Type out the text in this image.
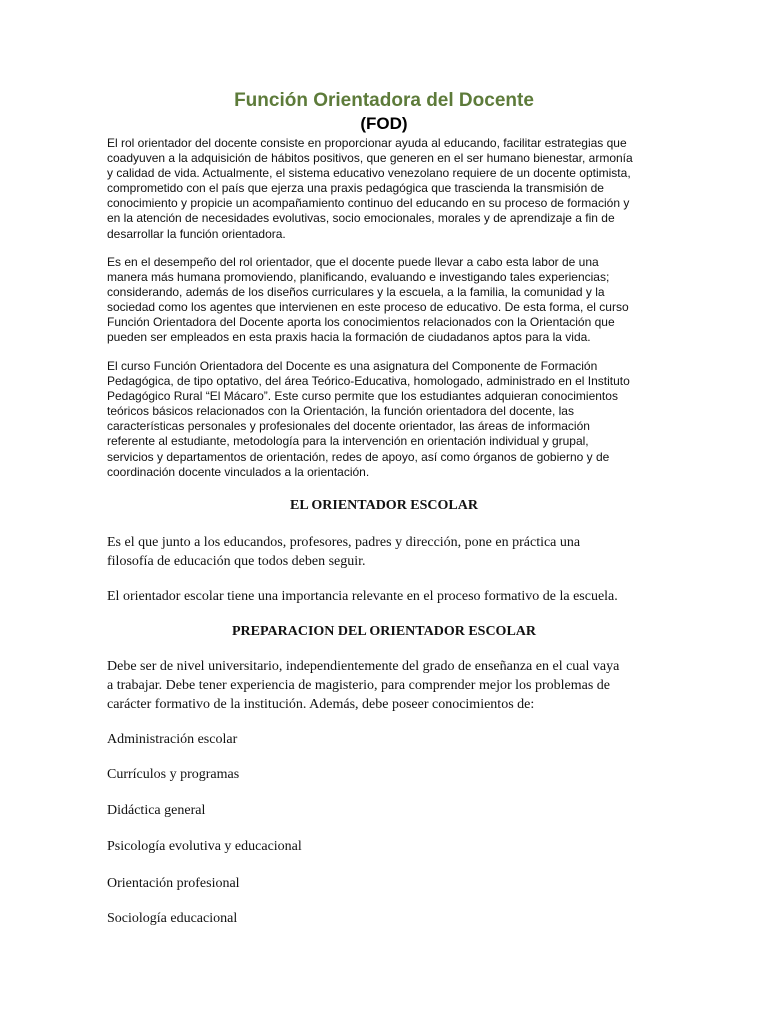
Función Orientadora del Docente
(FOD)

El rol orientador del docente consiste en proporcionar ayuda al educando, facilitar estrategias que
coadyuven a la adquisición de hábitos positivos, que generen en el ser humano bienestar, armonía
y calidad de vida. Actualmente, el sistema educativo venezolano requiere de un docente optimista,
comprometido con el país que ejerza una praxis pedagógica que trascienda la transmisión de
conocimiento y propicie un acompañamiento continuo del educando en su proceso de formación y
en la atención de necesidades evolutivas, socio emocionales, morales y de aprendizaje a fin de
desarrollar la función orientadora.

Es en el desempeño del rol orientador, que el docente puede llevar a cabo esta labor de una
manera más humana promoviendo, planificando, evaluando e investigando tales experiencias;
considerando, además de los diseños curriculares y la escuela, a la familia, la comunidad y la
sociedad como los agentes que intervienen en este proceso de educativo. De esta forma, el curso
Función Orientadora del Docente aporta los conocimientos relacionados con la Orientación que
pueden ser empleados en esta praxis hacia la formación de ciudadanos aptos para la vida.

El curso Función Orientadora del Docente es una asignatura del Componente de Formación
Pedagógica, de tipo optativo, del área Teórico-Educativa, homologado, administrado en el Instituto
Pedagógico Rural “El Mácaro”. Este curso permite que los estudiantes adquieran conocimientos
teóricos básicos relacionados con la Orientación, la función orientadora del docente, las
características personales y profesionales del docente orientador, las áreas de información
referente al estudiante, metodología para la intervención en orientación individual y grupal,
servicios y departamentos de orientación, redes de apoyo, así como órganos de gobierno y de
coordinación docente vinculados a la orientación.

EL ORIENTADOR ESCOLAR

Es el que junto a los educandos, profesores, padres y dirección, pone en práctica una
filosofía de educación que todos deben seguir.

El orientador escolar tiene una importancia relevante en el proceso formativo de la escuela.

PREPARACION DEL ORIENTADOR ESCOLAR

Debe ser de nivel universitario, independientemente del grado de enseñanza en el cual vaya
a trabajar. Debe tener experiencia de magisterio, para comprender mejor los problemas de
carácter formativo de la institución. Además, debe poseer conocimientos de:

Administración escolar

Currículos y programas

Didáctica general

Psicología evolutiva y educacional

Orientación profesional

Sociología educacional
